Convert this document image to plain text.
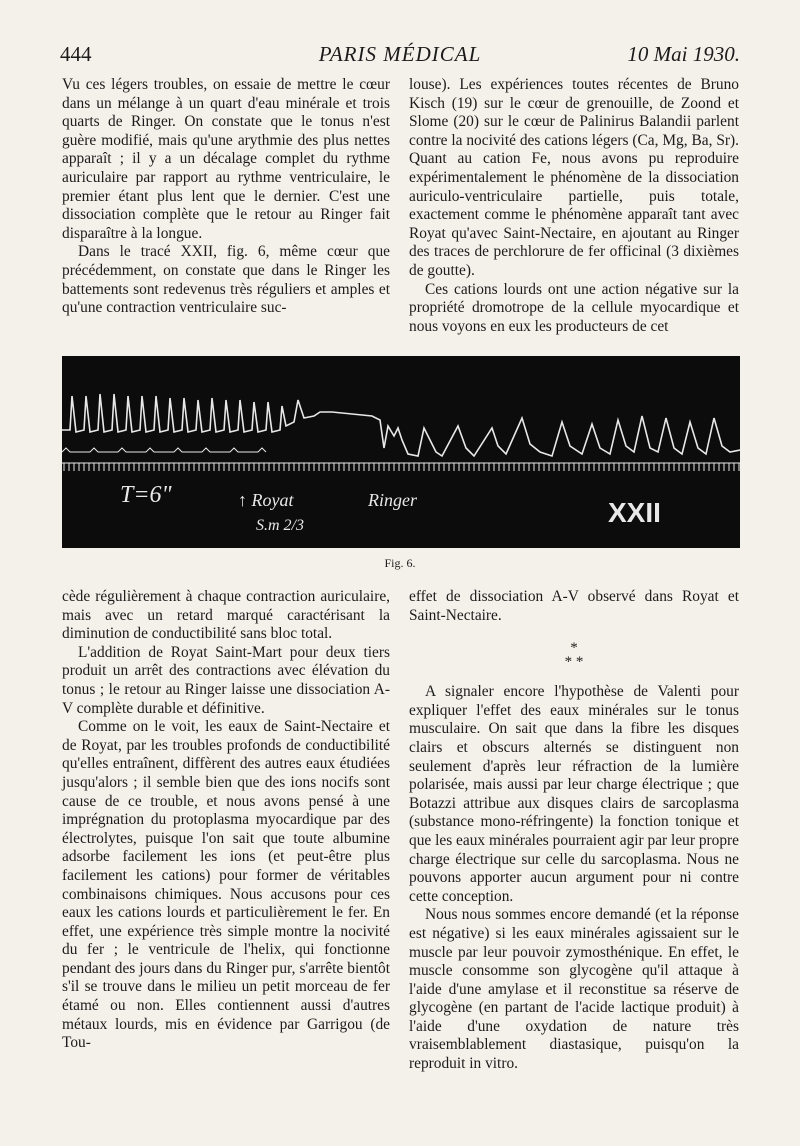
444	PARIS MÉDICAL	10 Mai 1930.

Vu ces légers troubles, on essaie de mettre le cœur dans un mélange à un quart d'eau minérale et trois quarts de Ringer. On constate que le tonus n'est guère modifié, mais qu'une arythmie des plus nettes apparaît ; il y a un décalage complet du rythme auriculaire par rapport au rythme ventriculaire, le premier étant plus lent que le dernier. C'est une dissociation complète que le retour au Ringer fait disparaître à la longue.

Dans le tracé XXII, fig. 6, même cœur que précédemment, on constate que dans le Ringer les battements sont redevenus très réguliers et amples et qu'une contraction ventriculaire suc-

louse). Les expériences toutes récentes de Bruno Kisch (19) sur le cœur de grenouille, de Zoond et Slome (20) sur le cœur de Palinirus Balandii parlent contre la nocivité des cations légers (Ca, Mg, Ba, Sr). Quant au cation Fe, nous avons pu reproduire expérimentalement le phénomène de la dissociation auriculo-ventriculaire partielle, puis totale, exactement comme le phénomène apparaît tant avec Royat qu'avec Saint-Nectaire, en ajoutant au Ringer des traces de perchlorure de fer officinal (3 dixièmes de goutte).

Ces cations lourds ont une action négative sur la propriété dromotrope de la cellule myocardique et nous voyons en eux les producteurs de cet

T=6"	↑ Royat
S.m 2/3
Ringer	XXII
Fig. 6.

cède régulièrement à chaque contraction auriculaire, mais avec un retard marqué caractérisant la diminution de conductibilité sans bloc total.

L'addition de Royat Saint-Mart pour deux tiers produit un arrêt des contractions avec élévation du tonus ; le retour au Ringer laisse une dissociation A-V complète durable et définitive.

Comme on le voit, les eaux de Saint-Nectaire et de Royat, par les troubles profonds de conductibilité qu'elles entraînent, diffèrent des autres eaux étudiées jusqu'alors ; il semble bien que des ions nocifs sont cause de ce trouble, et nous avons pensé à une imprégnation du protoplasma myocardique par des électrolytes, puisque l'on sait que toute albumine adsorbe facilement les ions (et peut-être plus facilement les cations) pour former de véritables combinaisons chimiques. Nous accusons pour ces eaux les cations lourds et particulièrement le fer. En effet, une expérience très simple montre la nocivité du fer ; le ventricule de l'helix, qui fonctionne pendant des jours dans du Ringer pur, s'arrête bientôt s'il se trouve dans le milieu un petit morceau de fer étamé ou non. Elles contiennent aussi d'autres métaux lourds, mis en évidence par Garrigou (de Tou-

effet de dissociation A-V observé dans Royat et Saint-Nectaire.

*
* *

A signaler encore l'hypothèse de Valenti pour expliquer l'effet des eaux minérales sur le tonus musculaire. On sait que dans la fibre les disques clairs et obscurs alternés se distinguent non seulement d'après leur réfraction de la lumière polarisée, mais aussi par leur charge électrique ; que Botazzi attribue aux disques clairs de sarcoplasma (substance mono-réfringente) la fonction tonique et que les eaux minérales pourraient agir par leur propre charge électrique sur celle du sarcoplasma. Nous ne pouvons apporter aucun argument pour ni contre cette conception.

Nous nous sommes encore demandé (et la réponse est négative) si les eaux minérales agissaient sur le muscle par leur pouvoir zymosthénique. En effet, le muscle consomme son glycogène qu'il attaque à l'aide d'une amylase et il reconstitue sa réserve de glycogène (en partant de l'acide lactique produit) à l'aide d'une oxydation de nature très vraisemblablement diastasique, puisqu'on la reproduit in vitro.
